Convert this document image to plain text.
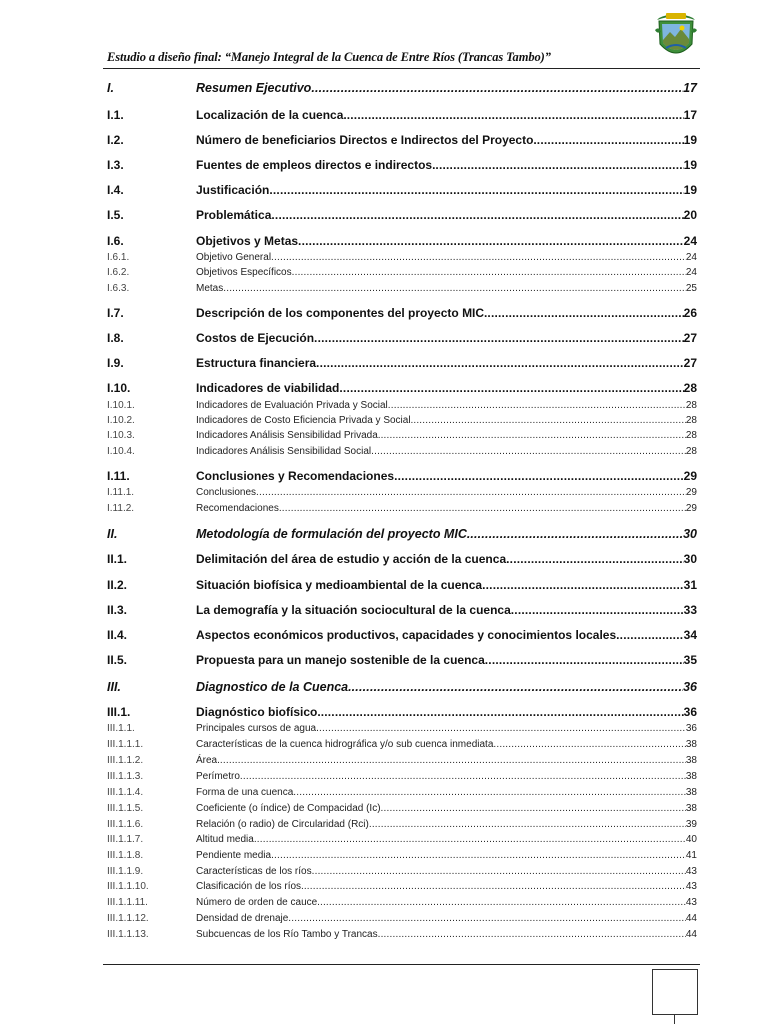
Estudio a diseño final: “Manejo Integral de la Cuenca de Entre Ríos (Trancas Tambo)”
I.	Resumen Ejecutivo .....	17
I.1.	Localización de la cuenca. .....	17
I.2.	Número de beneficiarios Directos e Indirectos del Proyecto. .....	19
I.3.	Fuentes de empleos directos e indirectos. .....	19
I.4.	Justificación .....	19
I.5.	Problemática .....	20
I.6.	Objetivos y Metas .....	24
I.6.1.	Objetivo General .....	24
I.6.2.	Objetivos Específicos .....	24
I.6.3.	Metas .....	25
I.7.	Descripción de los componentes del proyecto MIC. .....	26
I.8.	Costos de Ejecución .....	27
I.9.	Estructura financiera .....	27
I.10.	Indicadores de viabilidad .....	28
I.10.1.	Indicadores de Evaluación Privada y Social .....	28
I.10.2.	Indicadores de Costo Eficiencia Privada y Social. .....	28
I.10.3.	Indicadores Análisis Sensibilidad Privada. .....	28
I.10.4.	Indicadores Análisis Sensibilidad Social .....	28
I.11.	Conclusiones y Recomendaciones .....	29
I.11.1.	Conclusiones .....	29
I.11.2.	Recomendaciones .....	29
II.	Metodología de formulación del proyecto MIC. .....	30
II.1.	Delimitación del área de estudio y acción de la cuenca .....	30
II.2.	Situación biofísica y medioambiental de la cuenca .....	31
II.3.	La demografía y la situación sociocultural de la cuenca .....	33
II.4.	Aspectos económicos productivos, capacidades y conocimientos locales .....	34
II.5.	Propuesta para un manejo sostenible de la cuenca .....	35
III.	Diagnostico de la Cuenca. .....	36
III.1.	Diagnóstico biofísico. .....	36
III.1.1.	Principales cursos de agua .....	36
III.1.1.1.	Características de la cuenca hidrográfica y/o sub cuenca inmediata .....	38
III.1.1.2.	Área. .....	38
III.1.1.3.	Perímetro .....	38
III.1.1.4.	Forma de una cuenca .....	38
III.1.1.5.	Coeficiente (o índice) de Compacidad (Ic) .....	38
III.1.1.6.	Relación (o radio) de Circularidad (Rci) .....	39
III.1.1.7.	Altitud media .....	40
III.1.1.8.	Pendiente media .....	41
III.1.1.9.	Características de los ríos .....	43
III.1.1.10.	Clasificación de los ríos. .....	43
III.1.1.11.	Número de orden de cauce. .....	43
III.1.1.12.	Densidad de drenaje .....	44
III.1.1.13.	Subcuencas de los Río Tambo y Trancas .....	44
